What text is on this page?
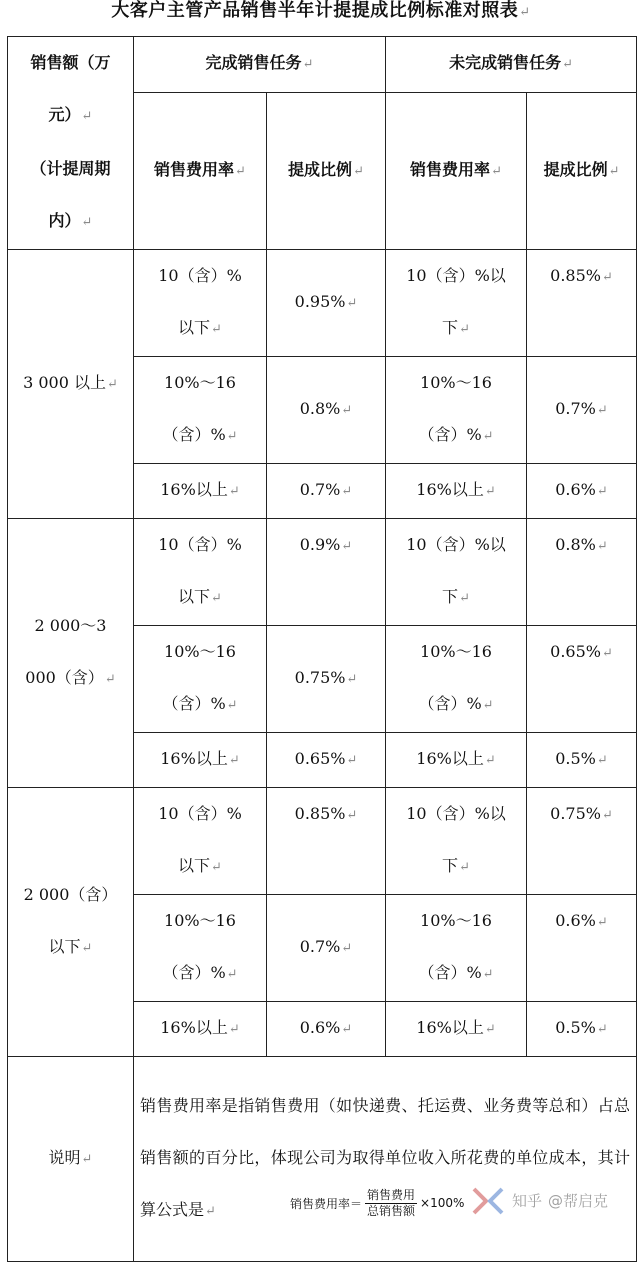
大客户主管产品销售半年计提提成比例标准对照表↵
销售额（万
元）↵
（计提周期
内）↵	完成销售任务↵		未完成销售任务↵	
	销售费用率↵	提成比例↵	销售费用率↵	提成比例↵
3 000 以上↵	10（含）%
以下↵	0.95%↵	10（含）%以
下↵	0.85%↵
	10%～16
（含）%↵	0.8%↵	10%～16
（含）%↵	0.7%↵
	16%以上↵	0.7%↵	16%以上↵	0.6%↵
2 000～3
000（含）↵	10（含）%
以下↵	0.9%↵	10（含）%以
下↵	0.8%↵
	10%～16
（含）%↵	0.75%↵	10%～16
（含）%↵	0.65%↵
	16%以上↵	0.65%↵	16%以上↵	0.5%↵
2 000（含）
以下↵	10（含）%
以下↵	0.85%↵	10（含）%以
下↵	0.75%↵
	10%～16
（含）%↵	0.7%↵	10%～16
（含）%↵	0.6%↵
	16%以上↵	0.6%↵	16%以上↵	0.5%↵
说明↵	销售费用率是指销售费用（如快递费、托运费、业务费等总和）占总销售额的百分比，体现公司为取得单位收入所花费的单位成本，其计算公式是↵			
销售费用率＝ $\frac{\text{销售费用}}{\text{总销售额}} \times 100\%$	知乎 @帮启克
